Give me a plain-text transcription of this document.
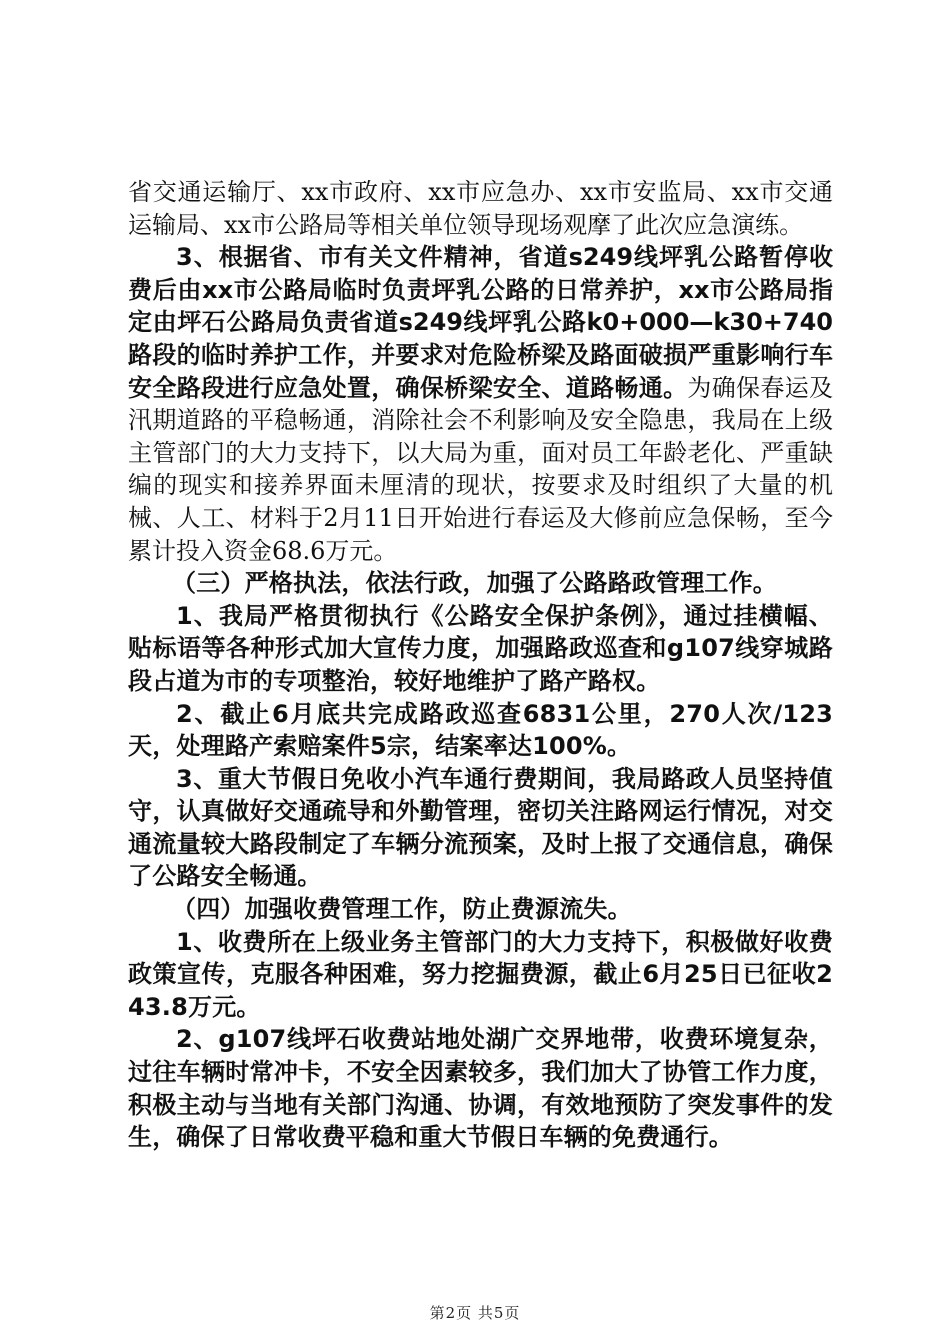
省交通运输厅、xx市政府、xx市应急办、xx市安监局、xx市交通运输局、xx市公路局等相关单位领导现场观摩了此次应急演练。

3、根据省、市有关文件精神，省道s249线坪乳公路暂停收费后由xx市公路局临时负责坪乳公路的日常养护，xx市公路局指定由坪石公路局负责省道s249线坪乳公路k0+000—k30+740路段的临时养护工作，并要求对危险桥梁及路面破损严重影响行车安全路段进行应急处置，确保桥梁安全、道路畅通。为确保春运及汛期道路的平稳畅通，消除社会不利影响及安全隐患，我局在上级主管部门的大力支持下，以大局为重，面对员工年龄老化、严重缺编的现实和接养界面未厘清的现状，按要求及时组织了大量的机械、人工、材料于2月11日开始进行春运及大修前应急保畅，至今累计投入资金68.6万元。

（三）严格执法，依法行政，加强了公路路政管理工作。

1、我局严格贯彻执行《公路安全保护条例》，通过挂横幅、贴标语等各种形式加大宣传力度，加强路政巡查和g107线穿城路段占道为市的专项整治，较好地维护了路产路权。

2、截止6月底共完成路政巡查6831公里，270人次/123天，处理路产索赔案件5宗，结案率达100%。

3、重大节假日免收小汽车通行费期间，我局路政人员坚持值守，认真做好交通疏导和外勤管理，密切关注路网运行情况，对交通流量较大路段制定了车辆分流预案，及时上报了交通信息，确保了公路安全畅通。

（四）加强收费管理工作，防止费源流失。

1、收费所在上级业务主管部门的大力支持下，积极做好收费政策宣传，克服各种困难，努力挖掘费源，截止6月25日已征收243.8万元。

2、g107线坪石收费站地处湖广交界地带，收费环境复杂，过往车辆时常冲卡，不安全因素较多，我们加大了协管工作力度，积极主动与当地有关部门沟通、协调，有效地预防了突发事件的发生，确保了日常收费平稳和重大节假日车辆的免费通行。

第2页 共5页
